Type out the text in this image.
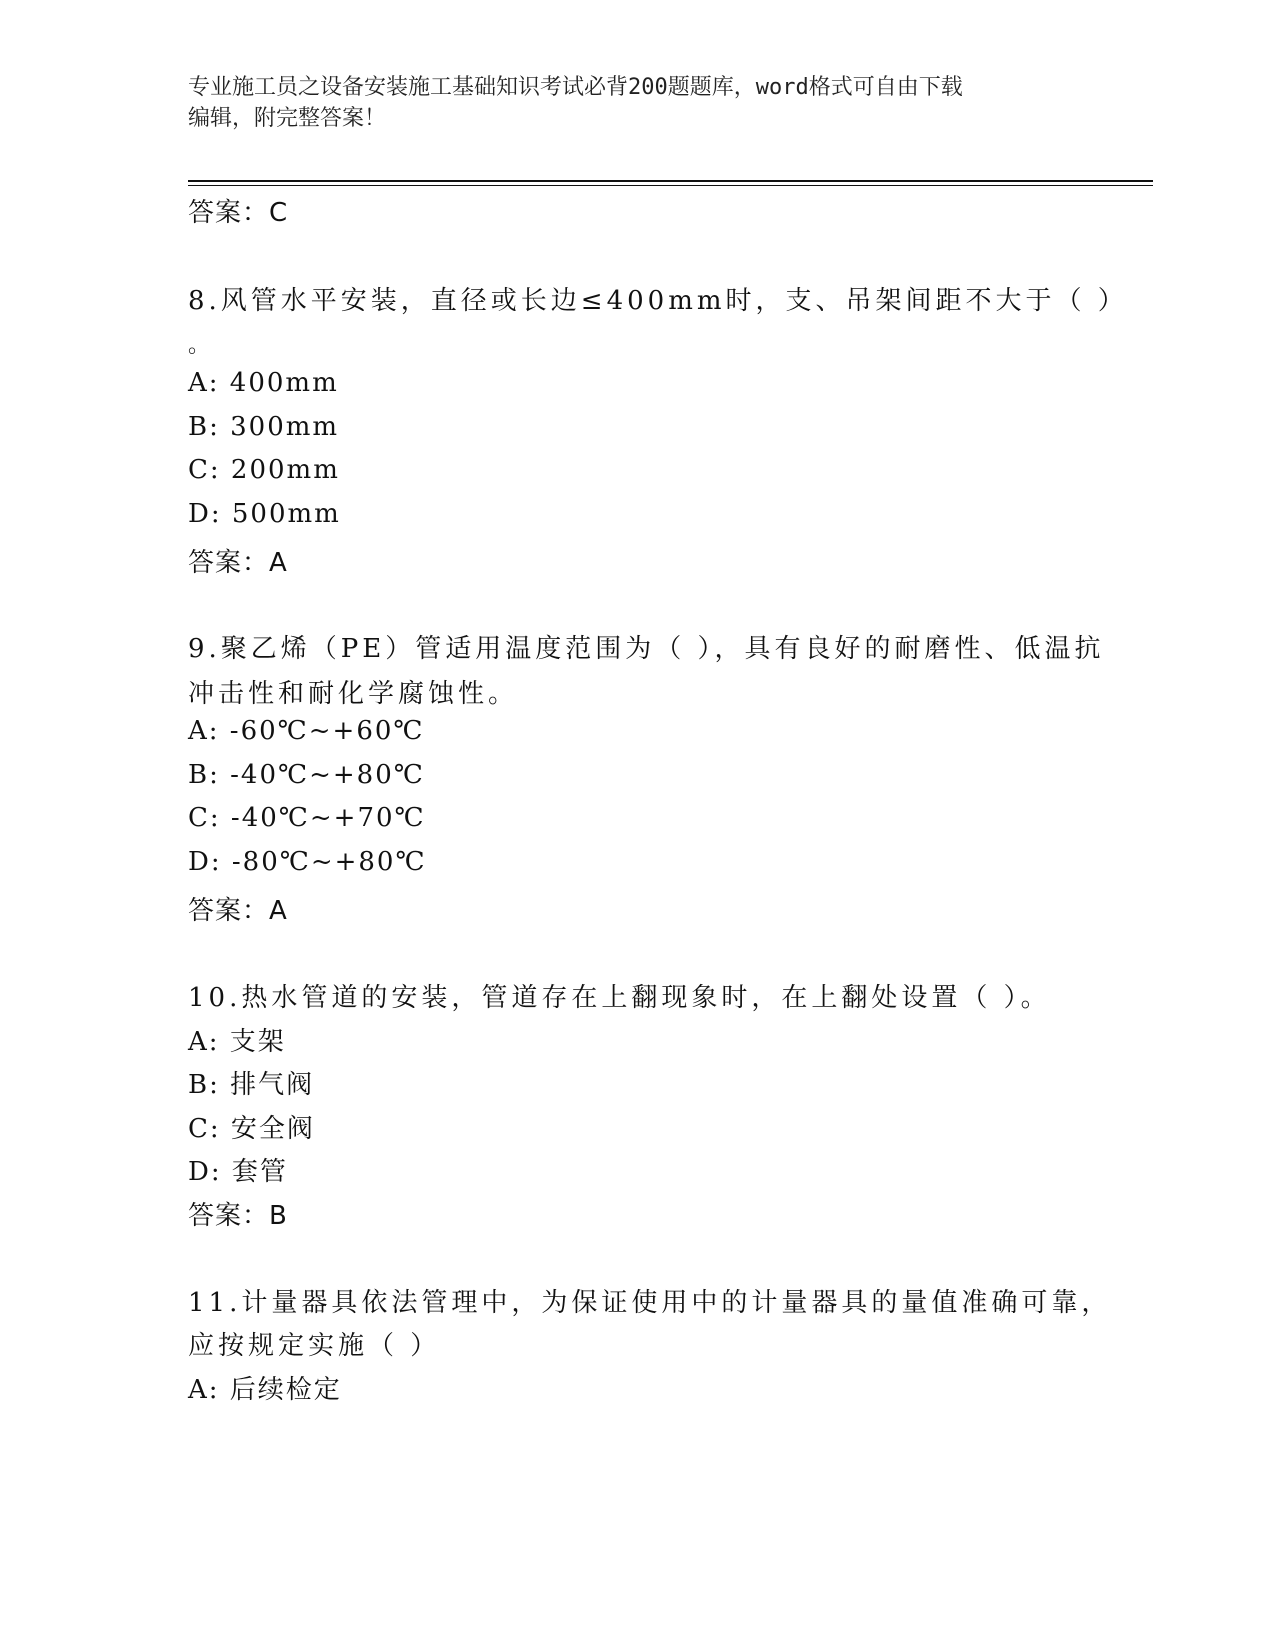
专业施工员之设备安装施工基础知识考试必背200题题库，word格式可自由下载
编辑，附完整答案！
答案：C
8.风管水平安装，直径或长边≤400mm时，支、吊架间距不大于（ ）
。
A: 400mm
B: 300mm
C: 200mm
D: 500mm
答案：A
9.聚乙烯（PE）管适用温度范围为（ ），具有良好的耐磨性、低温抗
冲击性和耐化学腐蚀性。
A: -60℃~+60℃
B: -40℃~+80℃
C: -40℃~+70℃
D: -80℃~+80℃
答案：A
10.热水管道的安装，管道存在上翻现象时，在上翻处设置（ ）。
A: 支架
B: 排气阀
C: 安全阀
D: 套管
答案：B
11.计量器具依法管理中，为保证使用中的计量器具的量值准确可靠，
应按规定实施（ ）
A: 后续检定
